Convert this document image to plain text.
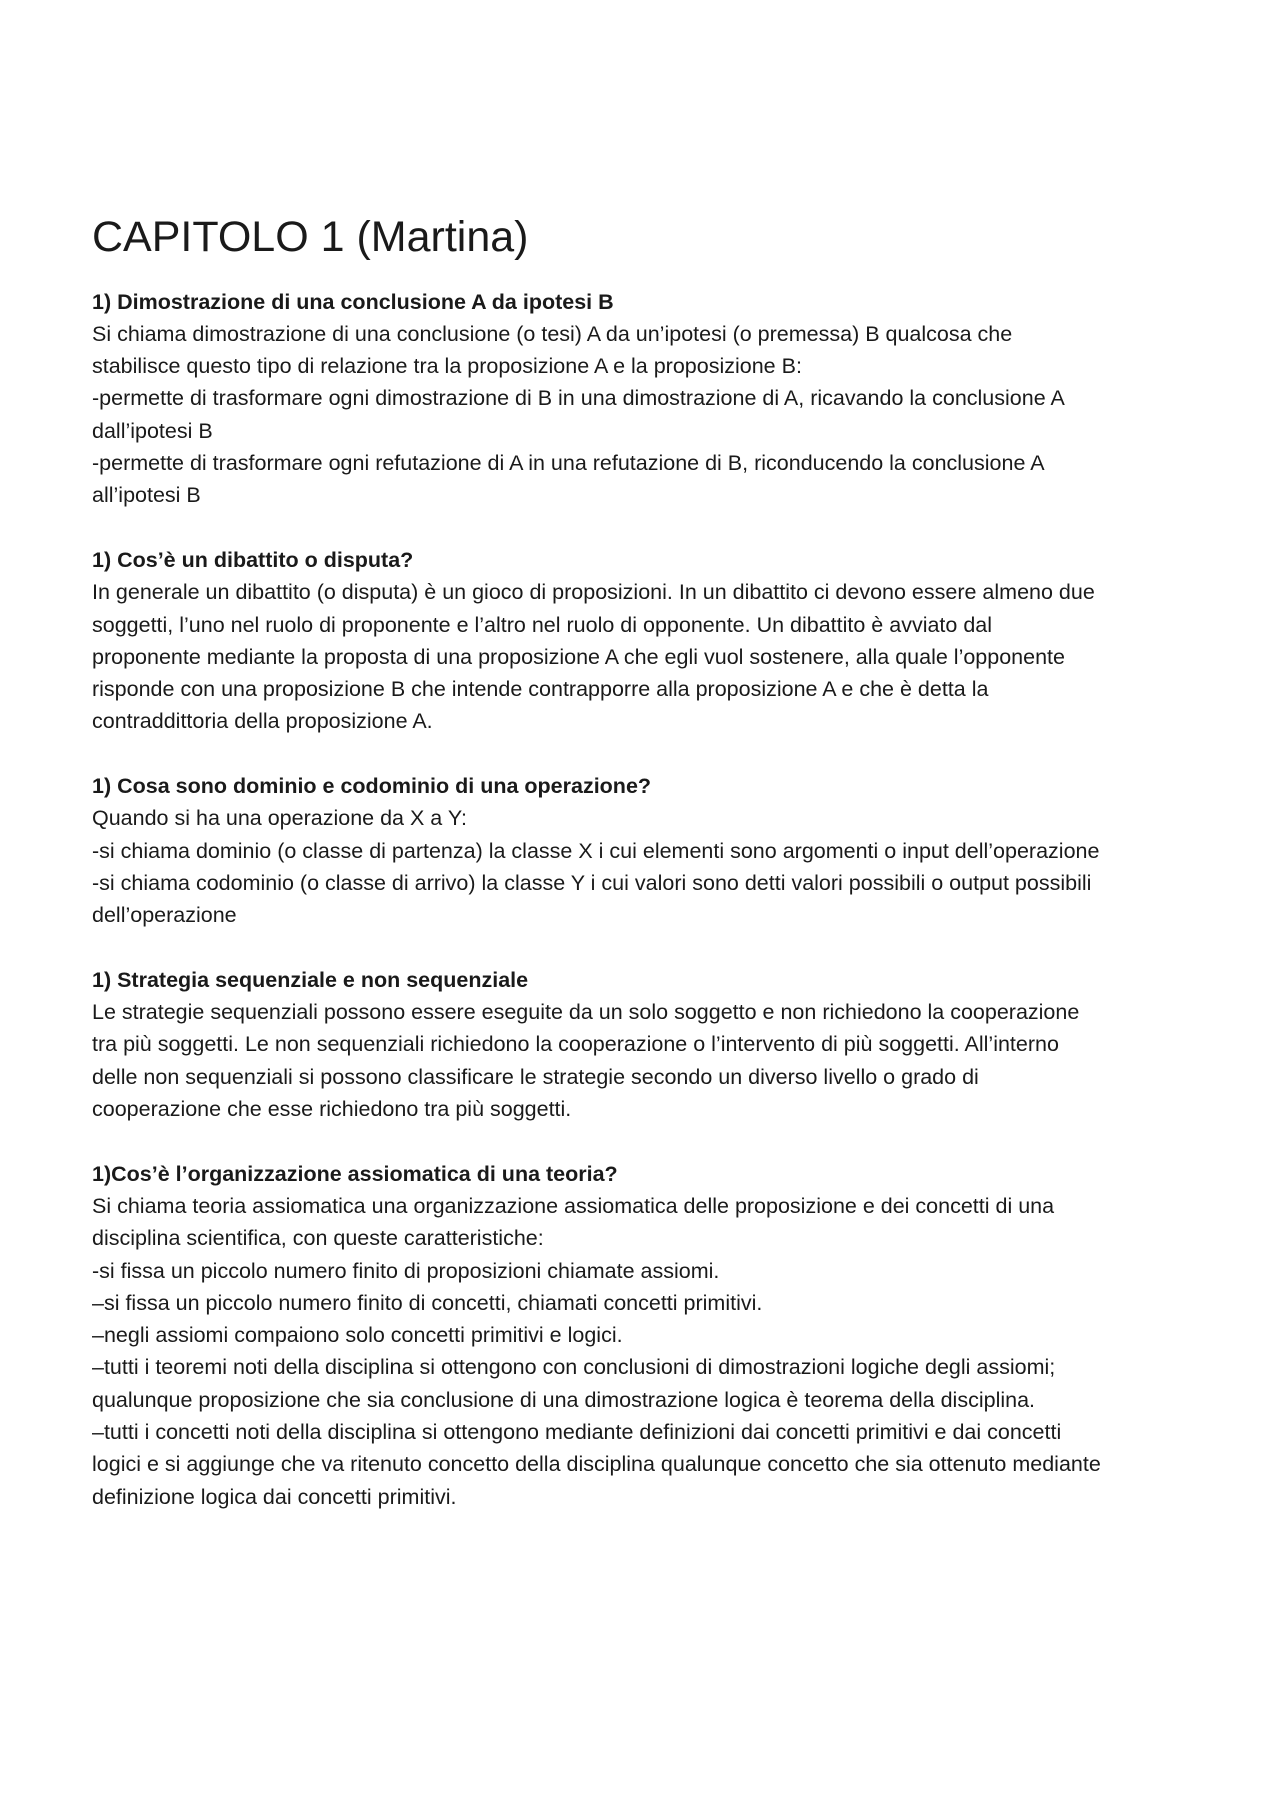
CAPITOLO 1 (Martina)
1) Dimostrazione di una conclusione A da ipotesi B

Si chiama dimostrazione di una conclusione (o tesi) A da un’ipotesi (o premessa) B qualcosa che
stabilisce questo tipo di relazione tra la proposizione A e la proposizione B:
-permette di trasformare ogni dimostrazione di B in una dimostrazione di A, ricavando la conclusione A
dall’ipotesi B
-permette di trasformare ogni refutazione di A in una refutazione di B, riconducendo la conclusione A
all’ipotesi B

1) Cos’è un dibattito o disputa?

In generale un dibattito (o disputa) è un gioco di proposizioni. In un dibattito ci devono essere almeno due
soggetti, l’uno nel ruolo di proponente e l’altro nel ruolo di opponente. Un dibattito è avviato dal
proponente mediante la proposta di una proposizione A che egli vuol sostenere, alla quale l’opponente
risponde con una proposizione B che intende contrapporre alla proposizione A e che è detta la
contraddittoria della proposizione A.

1) Cosa sono dominio e codominio di una operazione?

Quando si ha una operazione da X a Y:
-si chiama dominio (o classe di partenza) la classe X i cui elementi sono argomenti o input dell’operazione
-si chiama codominio (o classe di arrivo) la classe Y i cui valori sono detti valori possibili o output possibili
dell’operazione

1) Strategia sequenziale e non sequenziale

Le strategie sequenziali possono essere eseguite da un solo soggetto e non richiedono la cooperazione
tra più soggetti. Le non sequenziali richiedono la cooperazione o l’intervento di più soggetti. All’interno
delle non sequenziali si possono classificare le strategie secondo un diverso livello o grado di
cooperazione che esse richiedono tra più soggetti.

1)Cos’è l’organizzazione assiomatica di una teoria?

Si chiama teoria assiomatica una organizzazione assiomatica delle proposizione e dei concetti di una
disciplina scientifica, con queste caratteristiche:
-si fissa un piccolo numero finito di proposizioni chiamate assiomi.
–si fissa un piccolo numero finito di concetti, chiamati concetti primitivi.
–negli assiomi compaiono solo concetti primitivi e logici.
–tutti i teoremi noti della disciplina si ottengono con conclusioni di dimostrazioni logiche degli assiomi;
qualunque proposizione che sia conclusione di una dimostrazione logica è teorema della disciplina.
–tutti i concetti noti della disciplina si ottengono mediante definizioni dai concetti primitivi e dai concetti
logici e si aggiunge che va ritenuto concetto della disciplina qualunque concetto che sia ottenuto mediante
definizione logica dai concetti primitivi.
